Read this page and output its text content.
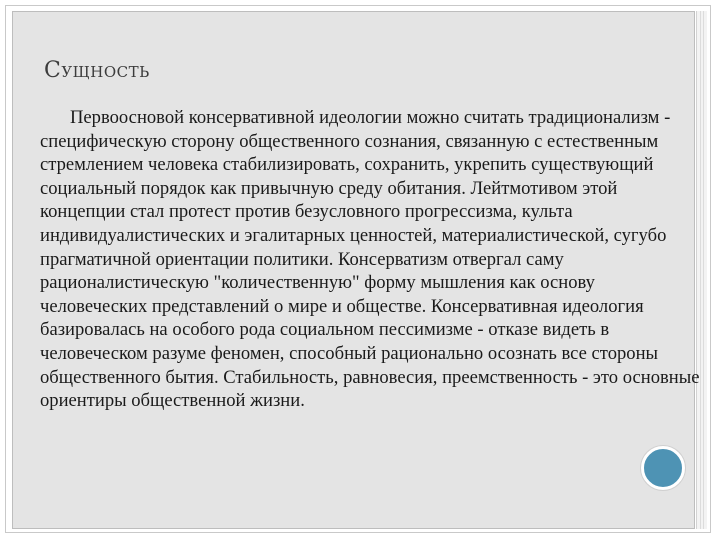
Сущность

Первоосновой консервативной идеологии можно считать традиционализм - специфическую сторону общественного сознания, связанную с естественным стремлением человека стабилизировать, сохранить, укрепить существующий социальный порядок как привычную среду обитания. Лейтмотивом этой концепции стал протест против безусловного прогрессизма, культа индивидуалистических и эгалитарных ценностей, материалистической, сугубо прагматичной ориентации политики. Консерватизм отвергал саму рационалистическую "количественную" форму мышления как основу человеческих представлений о мире и обществе. Консервативная идеология базировалась на особого рода социальном пессимизме - отказе видеть в человеческом разуме феномен, способный рационально осознать все стороны общественного бытия. Стабильность, равновесия, преемственность - это основные ориентиры общественной жизни.
